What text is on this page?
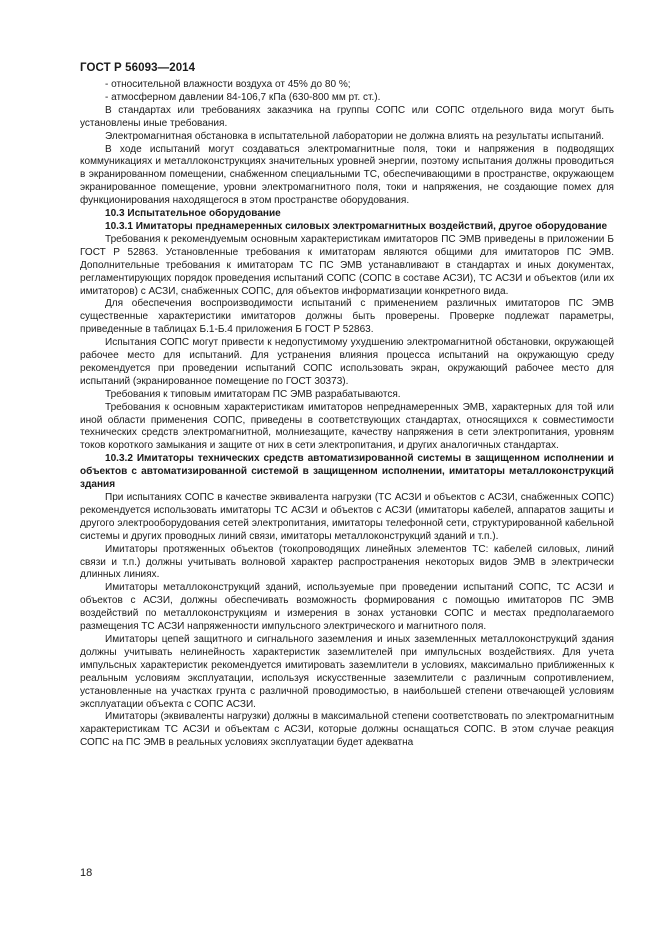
ГОСТ Р 56093—2014

- относительной влажности воздуха от 45% до 80 %;

- атмосферном давлении 84-106,7 кПа (630-800 мм рт. ст.).

В стандартах или требованиях заказчика на группы СОПС или СОПС отдельного вида могут быть установлены иные требования.

Электромагнитная обстановка в испытательной лаборатории не должна влиять на результаты испытаний.

В ходе испытаний могут создаваться электромагнитные поля, токи и напряжения в подводящих коммуникациях и металлоконструкциях значительных уровней энергии, поэтому испытания должны проводиться в экранированном помещении, снабженном специальными ТС, обеспечивающими в пространстве, окружающем экранированное помещение, уровни электромагнитного поля, токи и напряжения, не создающие помех для функционирования находящегося в этом пространстве оборудования.

10.3 Испытательное оборудование

10.3.1 Имитаторы преднамеренных силовых электромагнитных воздействий, другое оборудование

Требования к рекомендуемым основным характеристикам имитаторов ПС ЭМВ приведены в приложении Б ГОСТ Р 52863. Установленные требования к имитаторам являются общими для имитаторов ПС ЭМВ. Дополнительные требования к имитаторам ТС ПС ЭМВ устанавливают в стандартах и иных документах, регламентирующих порядок проведения испытаний СОПС (СОПС в составе АСЗИ), ТС АСЗИ и объектов (или их имитаторов) с АСЗИ, снабженных СОПС, для объектов информатизации конкретного вида.

Для обеспечения воспроизводимости испытаний с применением различных имитаторов ПС ЭМВ существенные характеристики имитаторов должны быть проверены. Проверке подлежат параметры, приведенные в таблицах Б.1-Б.4 приложения Б ГОСТ Р 52863.

Испытания СОПС могут привести к недопустимому ухудшению электромагнитной обстановки, окружающей рабочее место для испытаний. Для устранения влияния процесса испытаний на окружающую среду рекомендуется при проведении испытаний СОПС использовать экран, окружающий рабочее место для испытаний (экранированное помещение по ГОСТ 30373).

Требования к типовым имитаторам ПС ЭМВ разрабатываются.

Требования к основным характеристикам имитаторов непреднамеренных ЭМВ, характерных для той или иной области применения СОПС, приведены в соответствующих стандартах, относящихся к совместимости технических средств электромагнитной, молниезащите, качеству напряжения в сети электропитания, уровням токов короткого замыкания и защите от них в сети электропитания, и других аналогичных стандартах.

10.3.2 Имитаторы технических средств автоматизированной системы в защищенном исполнении и объектов с автоматизированной системой в защищенном исполнении, имитаторы металлоконструкций здания

При испытаниях СОПС в качестве эквивалента нагрузки (ТС АСЗИ и объектов с АСЗИ, снабженных СОПС) рекомендуется использовать имитаторы ТС АСЗИ и объектов с АСЗИ (имитаторы кабелей, аппаратов защиты и другого электрооборудования сетей электропитания, имитаторы телефонной сети, структурированной кабельной системы и других проводных линий связи, имитаторы металлоконструкций зданий и т.п.).

Имитаторы протяженных объектов (токопроводящих линейных элементов ТС: кабелей силовых, линий связи и т.п.) должны учитывать волновой характер распространения некоторых видов ЭМВ в электрически длинных линиях.

Имитаторы металлоконструкций зданий, используемые при проведении испытаний СОПС, ТС АСЗИ и объектов с АСЗИ, должны обеспечивать возможность формирования с помощью имитаторов ПС ЭМВ воздействий по металлоконструкциям и измерения в зонах установки СОПС и местах предполагаемого размещения ТС АСЗИ напряженности импульсного электрического и магнитного поля.

Имитаторы цепей защитного и сигнального заземления и иных заземленных металлоконструкций здания должны учитывать нелинейность характеристик заземлителей при импульсных воздействиях. Для учета импульсных характеристик рекомендуется имитировать заземлители в условиях, максимально приближенных к реальным условиям эксплуатации, используя искусственные заземлители с различным сопротивлением, установленные на участках грунта с различной проводимостью, в наибольшей степени отвечающей условиям эксплуатации объекта с СОПС АСЗИ.

Имитаторы (эквиваленты нагрузки) должны в максимальной степени соответствовать по электромагнитным характеристикам ТС АСЗИ и объектам с АСЗИ, которые должны оснащаться СОПС. В этом случае реакция СОПС на ПС ЭМВ в реальных условиях эксплуатации будет адекватна

18
